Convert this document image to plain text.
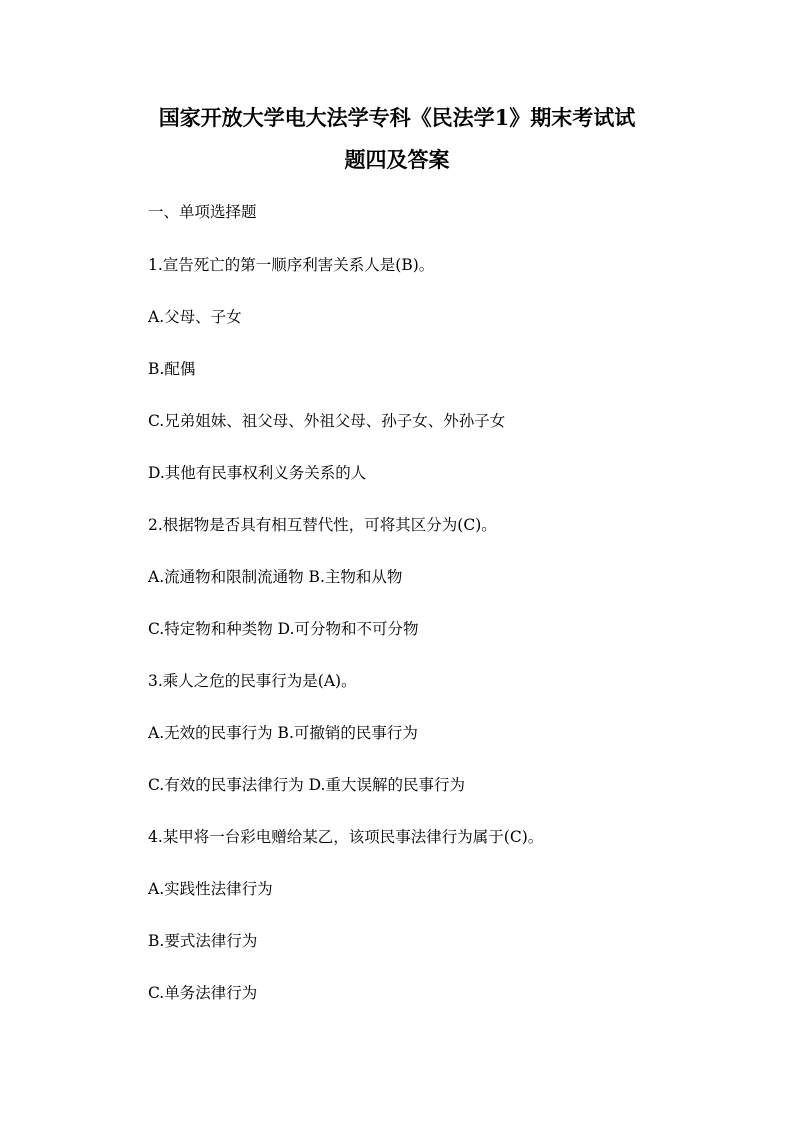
国家开放大学电大法学专科《民法学1》期末考试试
题四及答案
一、单项选择题
1.宣告死亡的第一顺序利害关系人是(B)。
A.父母、子女
B.配偶
C.兄弟姐妹、祖父母、外祖父母、孙子女、外孙子女
D.其他有民事权利义务关系的人
2.根据物是否具有相互替代性，可将其区分为(C)。
A.流通物和限制流通物 B.主物和从物
C.特定物和种类物 D.可分物和不可分物
3.乘人之危的民事行为是(A)。
A.无效的民事行为 B.可撤销的民事行为
C.有效的民事法律行为 D.重大误解的民事行为
4.某甲将一台彩电赠给某乙，该项民事法律行为属于(C)。
A.实践性法律行为
B.要式法律行为
C.单务法律行为
